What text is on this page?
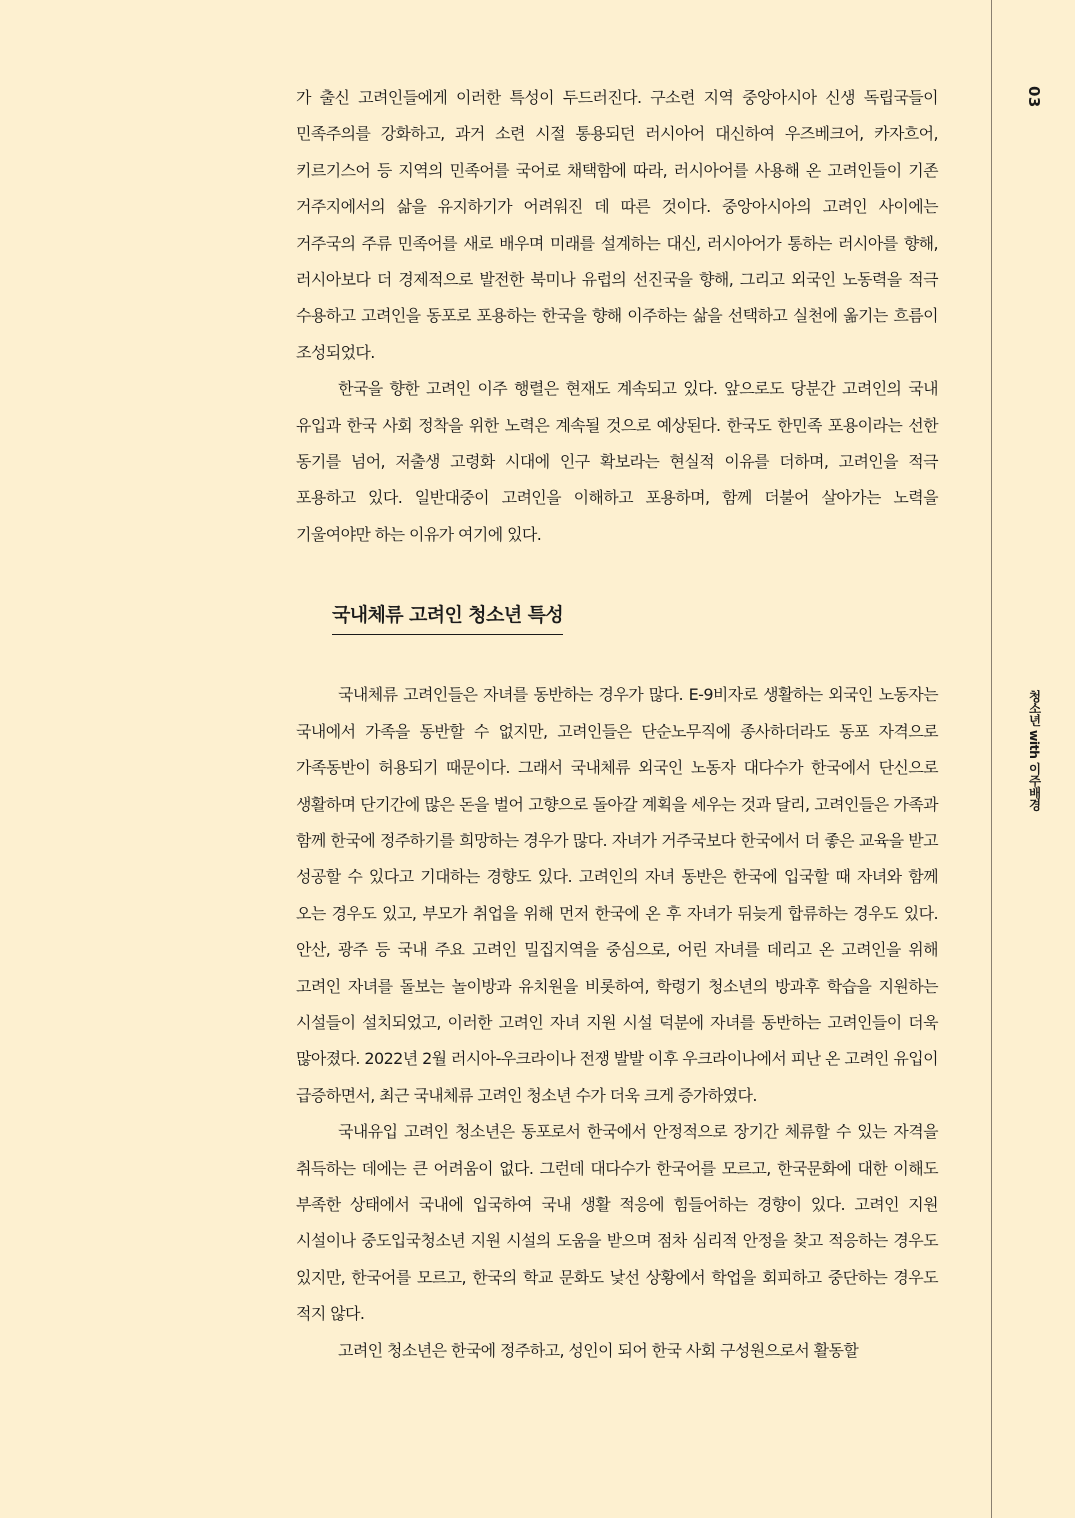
03
청소년 with 이주배경

가 출신 고려인들에게 이러한 특성이 두드러진다. 구소련 지역 중앙아시아 신생 독립국들이 민족주의를 강화하고, 과거 소련 시절 통용되던 러시아어 대신하여 우즈베크어, 카자흐어, 키르기스어 등 지역의 민족어를 국어로 채택함에 따라, 러시아어를 사용해 온 고려인들이 기존 거주지에서의 삶을 유지하기가 어려워진 데 따른 것이다. 중앙아시아의 고려인 사이에는 거주국의 주류 민족어를 새로 배우며 미래를 설계하는 대신, 러시아어가 통하는 러시아를 향해, 러시아보다 더 경제적으로 발전한 북미나 유럽의 선진국을 향해, 그리고 외국인 노동력을 적극 수용하고 고려인을 동포로 포용하는 한국을 향해 이주하는 삶을 선택하고 실천에 옮기는 흐름이 조성되었다.

한국을 향한 고려인 이주 행렬은 현재도 계속되고 있다. 앞으로도 당분간 고려인의 국내 유입과 한국 사회 정착을 위한 노력은 계속될 것으로 예상된다. 한국도 한민족 포용이라는 선한 동기를 넘어, 저출생 고령화 시대에 인구 확보라는 현실적 이유를 더하며, 고려인을 적극 포용하고 있다. 일반대중이 고려인을 이해하고 포용하며, 함께 더불어 살아가는 노력을 기울여야만 하는 이유가 여기에 있다.

국내체류 고려인 청소년 특성

국내체류 고려인들은 자녀를 동반하는 경우가 많다. E-9비자로 생활하는 외국인 노동자는 국내에서 가족을 동반할 수 없지만, 고려인들은 단순노무직에 종사하더라도 동포 자격으로 가족동반이 허용되기 때문이다. 그래서 국내체류 외국인 노동자 대다수가 한국에서 단신으로 생활하며 단기간에 많은 돈을 벌어 고향으로 돌아갈 계획을 세우는 것과 달리, 고려인들은 가족과 함께 한국에 정주하기를 희망하는 경우가 많다. 자녀가 거주국보다 한국에서 더 좋은 교육을 받고 성공할 수 있다고 기대하는 경향도 있다. 고려인의 자녀 동반은 한국에 입국할 때 자녀와 함께 오는 경우도 있고, 부모가 취업을 위해 먼저 한국에 온 후 자녀가 뒤늦게 합류하는 경우도 있다. 안산, 광주 등 국내 주요 고려인 밀집지역을 중심으로, 어린 자녀를 데리고 온 고려인을 위해 고려인 자녀를 돌보는 놀이방과 유치원을 비롯하여, 학령기 청소년의 방과후 학습을 지원하는 시설들이 설치되었고, 이러한 고려인 자녀 지원 시설 덕분에 자녀를 동반하는 고려인들이 더욱 많아졌다. 2022년 2월 러시아-우크라이나 전쟁 발발 이후 우크라이나에서 피난 온 고려인 유입이 급증하면서, 최근 국내체류 고려인 청소년 수가 더욱 크게 증가하였다.

국내유입 고려인 청소년은 동포로서 한국에서 안정적으로 장기간 체류할 수 있는 자격을 취득하는 데에는 큰 어려움이 없다. 그런데 대다수가 한국어를 모르고, 한국문화에 대한 이해도 부족한 상태에서 국내에 입국하여 국내 생활 적응에 힘들어하는 경향이 있다. 고려인 지원 시설이나 중도입국청소년 지원 시설의 도움을 받으며 점차 심리적 안정을 찾고 적응하는 경우도 있지만, 한국어를 모르고, 한국의 학교 문화도 낯선 상황에서 학업을 회피하고 중단하는 경우도 적지 않다.

고려인 청소년은 한국에 정주하고, 성인이 되어 한국 사회 구성원으로서 활동할
